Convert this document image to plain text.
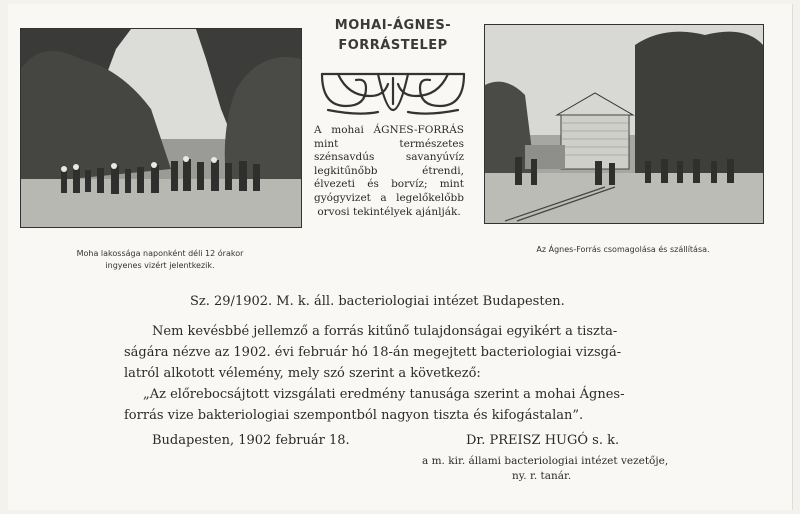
Moha lakossága naponként déli 12 órakor
ingyenes vizért jelentkezik.
MOHAI-ÁGNES-
FORRÁSTELEP
A mohai ÁGNES-FORRÁS mint természetes szénsavdús savanyúvíz legkitűnőbb étrendi, élvezeti és borvíz; mint gyógyvizet a legelőkelőbb orvosi tekintélyek ajánlják.
Az Ágnes-Forrás csomagolása és szállítása.
Sz. 29/1902. M. k. áll. bacteriologiai intézet Budapesten.
Nem kevésbbé jellemző a forrás kitűnő tulajdonságai egyikért a tiszta-
ságára nézve az 1902. évi február hó 18-án megejtett bacteriologiai vizsgá-
latról alkotott vélemény, mely szó szerint a következő:
„Az előrebocsájtott vizsgálati eredmény tanusága szerint a mohai Ágnes-
forrás vize bakteriologiai szempontból nagyon tiszta és kifogástalan”.
Budapesten, 1902 február 18.	Dr. PREISZ HUGÓ s. k.
a m. kir. állami bacteriologiai intézet vezetője,
ny. r. tanár.
